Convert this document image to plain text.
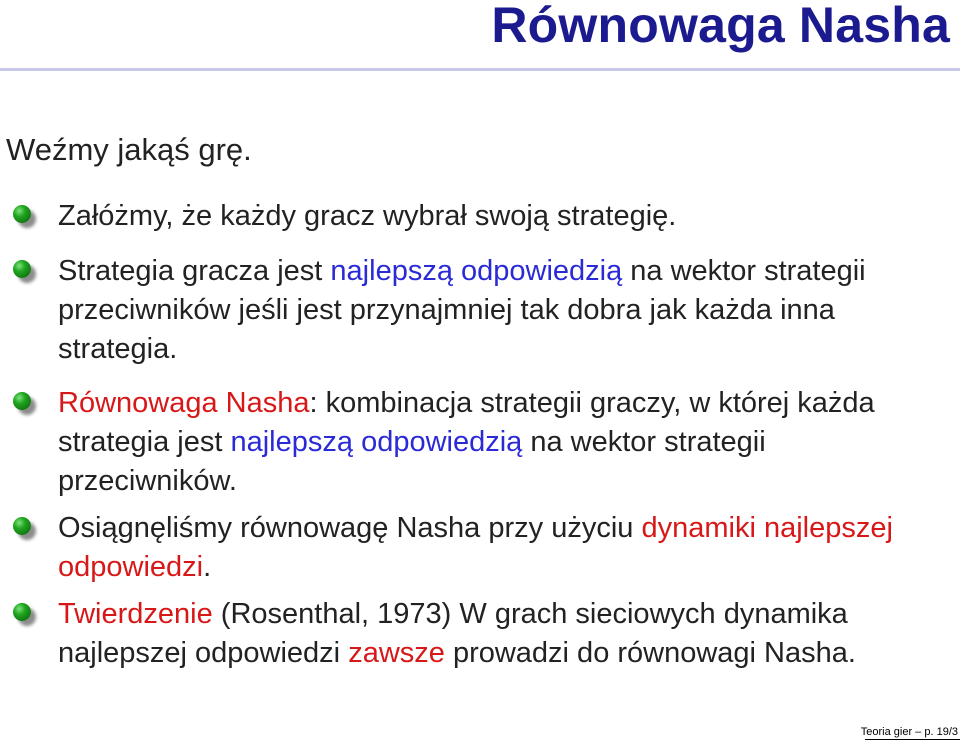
Równowaga Nasha

Weźmy jakąś grę.

Załóżmy, że każdy gracz wybrał swoją strategię.
Strategia gracza jest najlepszą odpowiedzią na wektor strategii przeciwników jeśli jest przynajmniej tak dobra jak każda inna strategia.
Równowaga Nasha: kombinacja strategii graczy, w której każda strategia jest najlepszą odpowiedzią na wektor strategii przeciwników.
Osiągnęliśmy równowagę Nasha przy użyciu dynamiki najlepszej odpowiedzi.
Twierdzenie (Rosenthal, 1973) W grach sieciowych dynamika najlepszej odpowiedzi zawsze prowadzi do równowagi Nasha.
Teoria gier – p. 19/3
